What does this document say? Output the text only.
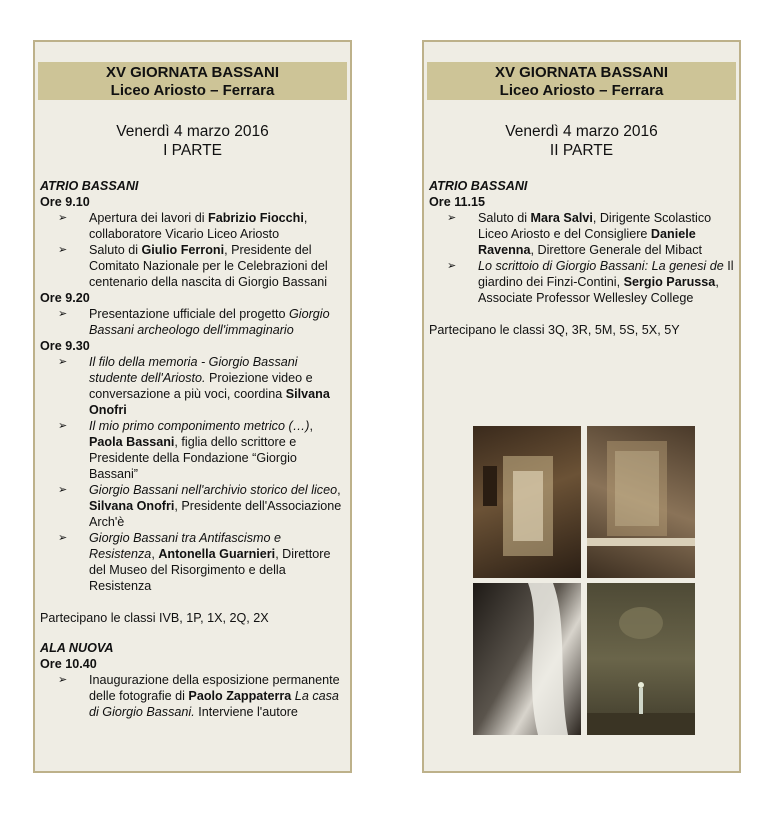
XV GIORNATA BASSANI
Liceo Ariosto – Ferrara
Venerdì 4 marzo 2016
I PARTE
ATRIO BASSANI
Ore 9.10
➢ Apertura dei lavori di Fabrizio Fiocchi, collaboratore Vicario Liceo Ariosto
➢ Saluto di Giulio Ferroni, Presidente del Comitato Nazionale per le Celebrazioni del centenario della nascita di Giorgio Bassani
Ore 9.20
➢ Presentazione ufficiale del progetto Giorgio Bassani archeologo dell'immaginario
Ore 9.30
➢ Il filo della memoria - Giorgio Bassani studente dell'Ariosto. Proiezione video e conversazione a più voci, coordina Silvana Onofri
➢ Il mio primo componimento metrico (…), Paola Bassani, figlia dello scrittore e Presidente della Fondazione “Giorgio Bassani”
➢ Giorgio Bassani nell'archivio storico del liceo, Silvana Onofri, Presidente dell'Associazione Arch'è
➢ Giorgio Bassani tra Antifascismo e Resistenza, Antonella Guarnieri, Direttore del Museo del Risorgimento e della Resistenza
Partecipano le classi IVB, 1P, 1X, 2Q, 2X
ALA NUOVA
Ore 10.40
➢ Inaugurazione della esposizione permanente delle fotografie di Paolo Zappaterra La casa di Giorgio Bassani. Interviene l'autore
XV GIORNATA BASSANI
Liceo Ariosto – Ferrara
Venerdì 4 marzo 2016
II PARTE
ATRIO BASSANI
Ore 11.15
➢ Saluto di Mara Salvi, Dirigente Scolastico Liceo Ariosto e del Consigliere Daniele Ravenna, Direttore Generale del Mibact
➢ Lo scrittoio di Giorgio Bassani: La genesi de Il giardino dei Finzi-Contini, Sergio Parussa, Associate Professor Wellesley College
Partecipano le classi 3Q, 3R, 5M, 5S, 5X, 5Y
